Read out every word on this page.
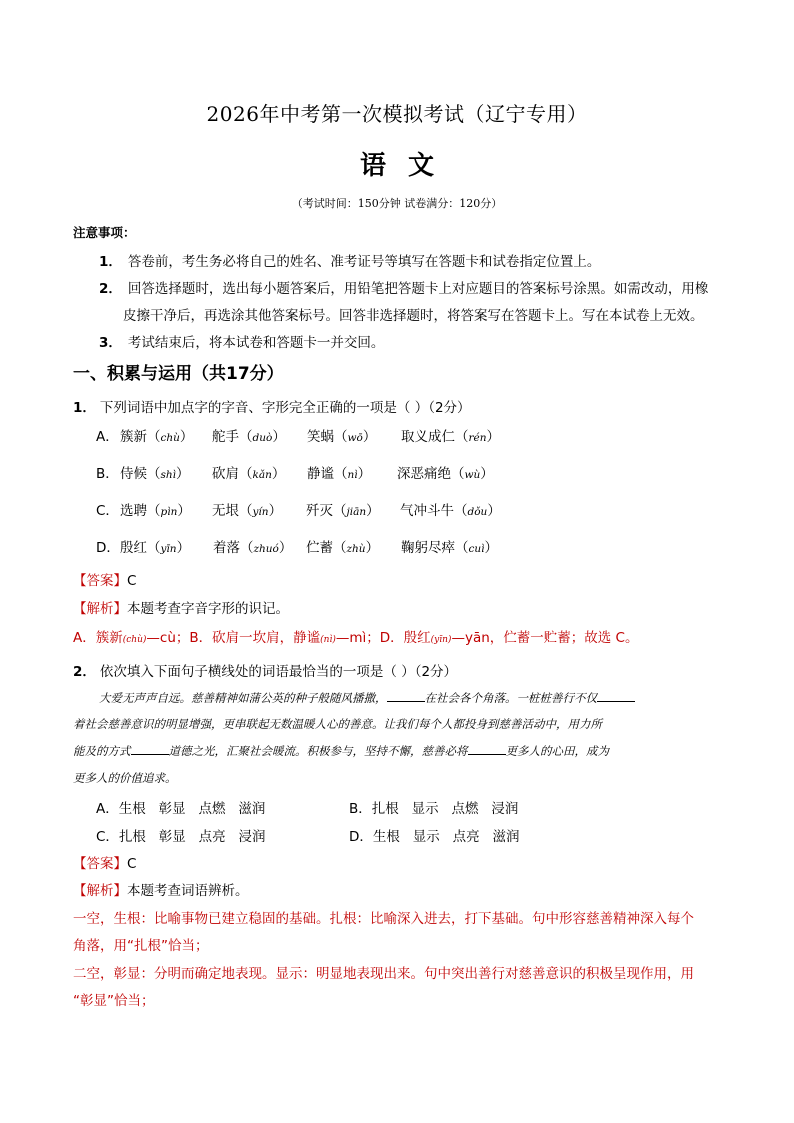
2026年中考第一次模拟考试（辽宁专用）
语文
（考试时间：150分钟 试卷满分：120分）
注意事项：
1． 答卷前，考生务必将自己的姓名、准考证号等填写在答题卡和试卷指定位置上。
2． 回答选择题时，选出每小题答案后，用铅笔把答题卡上对应题目的答案标号涂黑。如需改动，用橡
皮擦干净后，再选涂其他答案标号。回答非选择题时，将答案写在答题卡上。写在本试卷上无效。
3． 考试结束后，将本试卷和答题卡一并交回。
一、积累与运用（共17分）
1． 下列词语中加点字的字音、字形完全正确的一项是（ ）（2分）
A． 簇新（chù） 舵手（duò） 笑蜗（wō） 取义成仁（rén）
B． 侍候（shì） 砍肩（kǎn） 静谧（nì） 深恶痛绝（wù）
C． 选聘（pìn） 无垠（yín） 歼灭（jiān） 气冲斗牛（dǒu）
D． 殷红（yīn） 着落（zhuó） 伫蓄（zhù） 鞠躬尽瘁（cuì）
【答案】C
【解析】本题考查字音字形的识记。
A．簇新(chù)—cù；B．砍肩一坎肩，静谧(nì)—mì；D．殷红(yīn)—yān，伫蓄一贮蓄；故选 C。
2． 依次填入下面句子横线处的词语最恰当的一项是（ ）（2分）
大爱无声声自远。慈善精神如蒲公英的种子般随风播撒，	在社会各个角落。一桩桩善行不仅
着社会慈善意识的明显增强，更串联起无数温暖人心的善意。让我们每个人都投身到慈善活动中，用力所
能及的方式	道德之光，汇聚社会暖流。积极参与，坚持不懈，慈善必将	更多人的心田，成为
更多人的价值追求。
A．生根   彰显   点燃   滋润	B．扎根   显示   点燃   浸润
C．扎根   彰显   点亮   浸润	D．生根   显示   点亮   滋润
【答案】C
【解析】本题考查词语辨析。
一空，生根：比喻事物已建立稳固的基础。扎根：比喻深入进去，打下基础。句中形容慈善精神深入每个
角落，用“扎根”恰当；
二空，彰显：分明而确定地表现。显示：明显地表现出来。句中突出善行对慈善意识的积极呈现作用，用
“彰显”恰当；
